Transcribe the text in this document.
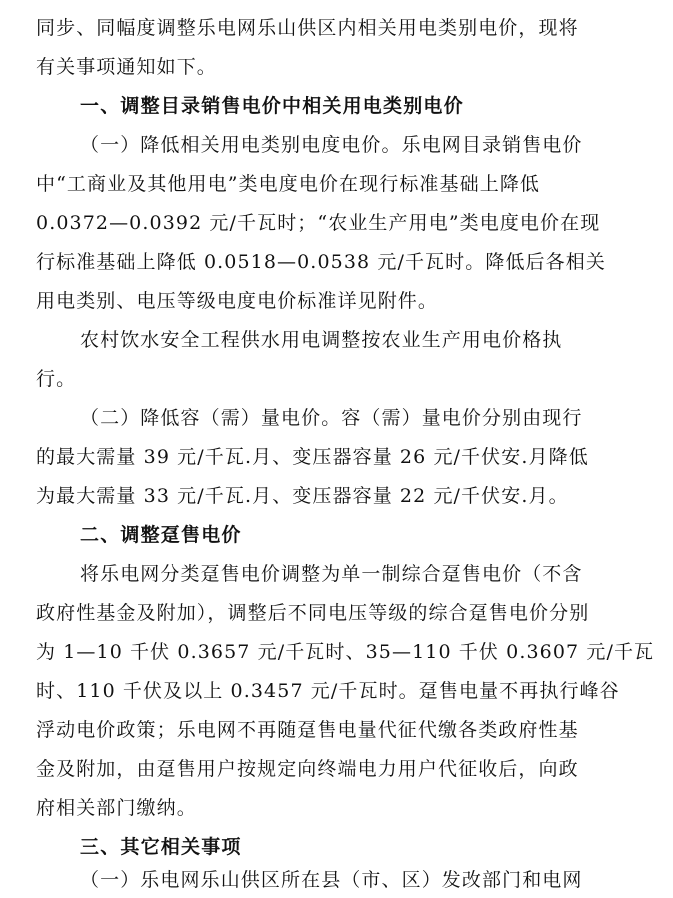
同步、同幅度调整乐电网乐山供区内相关用电类别电价，现将
有关事项通知如下。
一、调整目录销售电价中相关用电类别电价
（一）降低相关用电类别电度电价。乐电网目录销售电价
中“工商业及其他用电”类电度电价在现行标准基础上降低
0.0372—0.0392 元/千瓦时；“农业生产用电”类电度电价在现
行标准基础上降低 0.0518—0.0538 元/千瓦时。降低后各相关
用电类别、电压等级电度电价标准详见附件。
农村饮水安全工程供水用电调整按农业生产用电价格执
行。
（二）降低容（需）量电价。容（需）量电价分别由现行
的最大需量 39 元/千瓦.月、变压器容量 26 元/千伏安.月降低
为最大需量 33 元/千瓦.月、变压器容量 22 元/千伏安.月。
二、调整趸售电价
将乐电网分类趸售电价调整为单一制综合趸售电价（不含
政府性基金及附加），调整后不同电压等级的综合趸售电价分别
为 1—10 千伏 0.3657 元/千瓦时、35—110 千伏 0.3607 元/千瓦
时、110 千伏及以上 0.3457 元/千瓦时。趸售电量不再执行峰谷
浮动电价政策；乐电网不再随趸售电量代征代缴各类政府性基
金及附加，由趸售用户按规定向终端电力用户代征收后，向政
府相关部门缴纳。
三、其它相关事项
（一）乐电网乐山供区所在县（市、区）发改部门和电网
